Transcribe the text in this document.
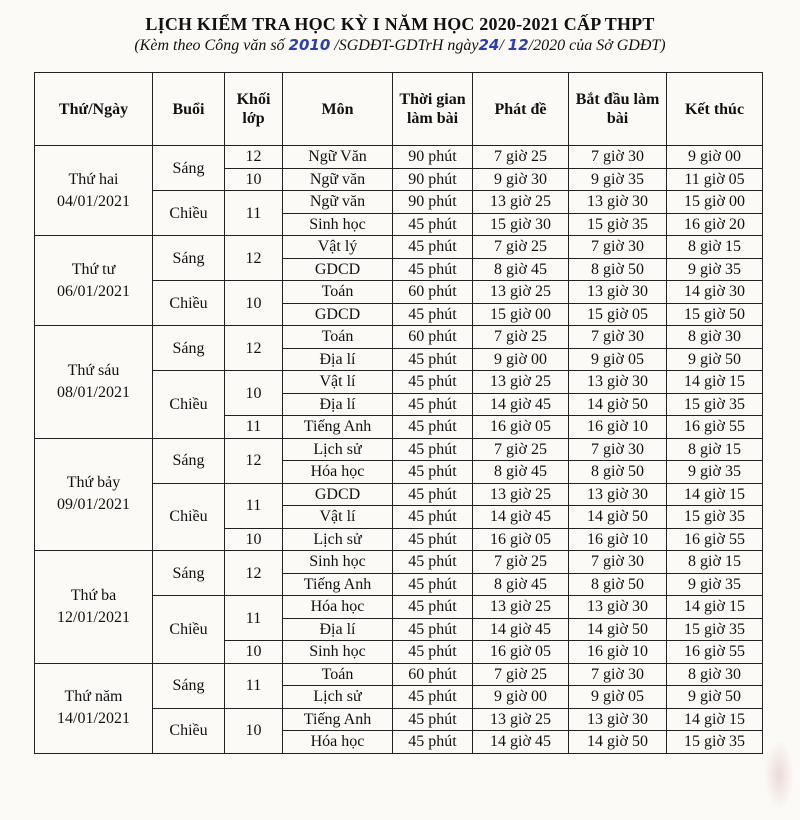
LỊCH KIỂM TRA HỌC KỲ I NĂM HỌC 2020-2021 CẤP THPT
(Kèm theo Công văn số 2010 /SGDĐT-GDTrH ngày24/ 12/2020 của Sở GDĐT)
Thứ/Ngày	Buổi	Khối lớp	Môn	Thời gian làm bài	Phát đề	Bắt đầu làm bài	Kết thúc

Thứ hai
04/01/2021	Sáng	12	Ngữ Văn	90 phút	7 giờ 25	7 giờ 30	9 giờ 00
		10	Ngữ văn	90 phút	9 giờ 30	9 giờ 35	11 giờ 05
	Chiều	11	Ngữ văn	90 phút	13 giờ 25	13 giờ 30	15 giờ 00
			Sinh học	45 phút	15 giờ 30	15 giờ 35	16 giờ 20

Thứ tư
06/01/2021	Sáng	12	Vật lý	45 phút	7 giờ 25	7 giờ 30	8 giờ 15
			GDCD	45 phút	8 giờ 45	8 giờ 50	9 giờ 35
	Chiều	10	Toán	60 phút	13 giờ 25	13 giờ 30	14 giờ 30
			GDCD	45 phút	15 giờ 00	15 giờ 05	15 giờ 50

Thứ sáu
08/01/2021	Sáng	12	Toán	60 phút	7 giờ 25	7 giờ 30	8 giờ 30
			Địa lí	45 phút	9 giờ 00	9 giờ 05	9 giờ 50
	Chiều	10	Vật lí	45 phút	13 giờ 25	13 giờ 30	14 giờ 15
			Địa lí	45 phút	14 giờ 45	14 giờ 50	15 giờ 35
		11	Tiếng Anh	45 phút	16 giờ 05	16 giờ 10	16 giờ 55

Thứ bảy
09/01/2021	Sáng	12	Lịch sử	45 phút	7 giờ 25	7 giờ 30	8 giờ 15
			Hóa học	45 phút	8 giờ 45	8 giờ 50	9 giờ 35
	Chiều	11	GDCD	45 phút	13 giờ 25	13 giờ 30	14 giờ 15
			Vật lí	45 phút	14 giờ 45	14 giờ 50	15 giờ 35
		10	Lịch sử	45 phút	16 giờ 05	16 giờ 10	16 giờ 55

Thứ ba
12/01/2021	Sáng	12	Sinh học	45 phút	7 giờ 25	7 giờ 30	8 giờ 15
			Tiếng Anh	45 phút	8 giờ 45	8 giờ 50	9 giờ 35
	Chiều	11	Hóa học	45 phút	13 giờ 25	13 giờ 30	14 giờ 15
			Địa lí	45 phút	14 giờ 45	14 giờ 50	15 giờ 35
		10	Sinh học	45 phút	16 giờ 05	16 giờ 10	16 giờ 55

Thứ năm
14/01/2021	Sáng	11	Toán	60 phút	7 giờ 25	7 giờ 30	8 giờ 30
			Lịch sử	45 phút	9 giờ 00	9 giờ 05	9 giờ 50
	Chiều	10	Tiếng Anh	45 phút	13 giờ 25	13 giờ 30	14 giờ 15
			Hóa học	45 phút	14 giờ 45	14 giờ 50	15 giờ 35
